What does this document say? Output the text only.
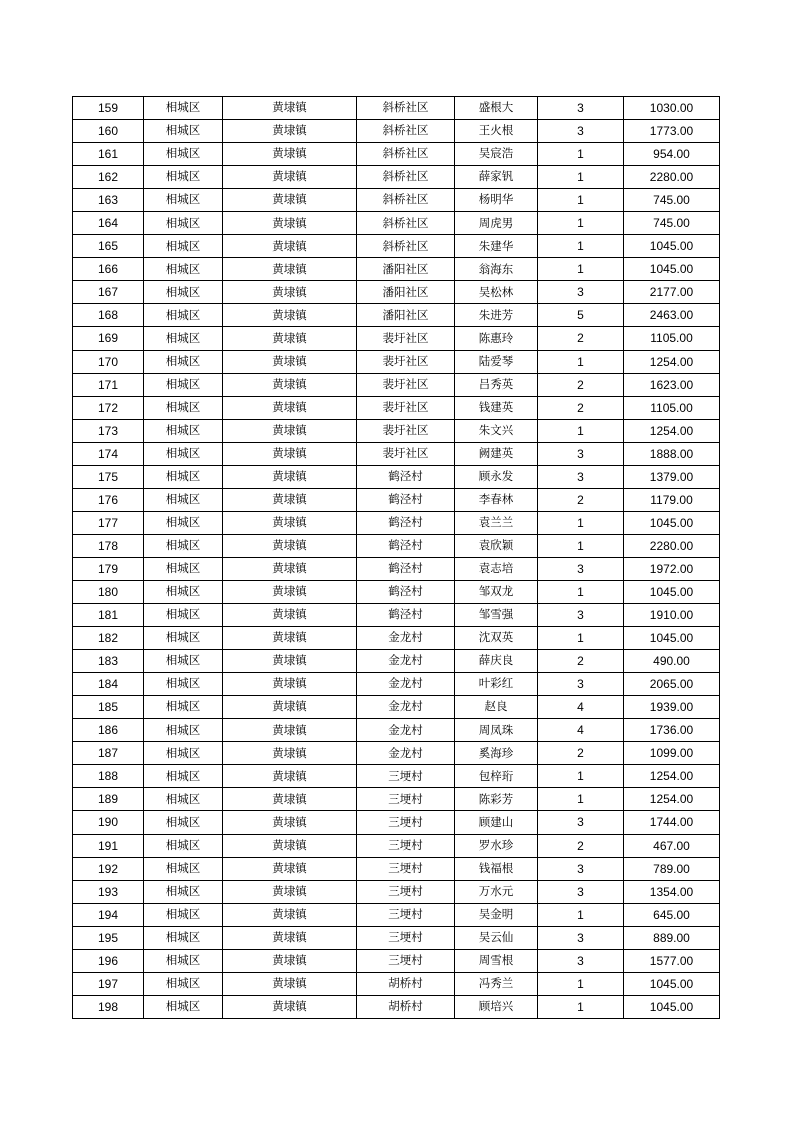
159	相城区	黄埭镇	斜桥社区	盛根大	3	1030.00
160	相城区	黄埭镇	斜桥社区	王火根	3	1773.00
161	相城区	黄埭镇	斜桥社区	吴宸浩	1	954.00
162	相城区	黄埭镇	斜桥社区	薛家钒	1	2280.00
163	相城区	黄埭镇	斜桥社区	杨明华	1	745.00
164	相城区	黄埭镇	斜桥社区	周虎男	1	745.00
165	相城区	黄埭镇	斜桥社区	朱建华	1	1045.00
166	相城区	黄埭镇	潘阳社区	翁海东	1	1045.00
167	相城区	黄埭镇	潘阳社区	吴松林	3	2177.00
168	相城区	黄埭镇	潘阳社区	朱进芳	5	2463.00
169	相城区	黄埭镇	裴圩社区	陈惠玲	2	1105.00
170	相城区	黄埭镇	裴圩社区	陆爱琴	1	1254.00
171	相城区	黄埭镇	裴圩社区	吕秀英	2	1623.00
172	相城区	黄埭镇	裴圩社区	钱建英	2	1105.00
173	相城区	黄埭镇	裴圩社区	朱文兴	1	1254.00
174	相城区	黄埭镇	裴圩社区	阙建英	3	1888.00
175	相城区	黄埭镇	鹤泾村	顾永发	3	1379.00
176	相城区	黄埭镇	鹤泾村	李春林	2	1179.00
177	相城区	黄埭镇	鹤泾村	袁兰兰	1	1045.00
178	相城区	黄埭镇	鹤泾村	袁欣颖	1	2280.00
179	相城区	黄埭镇	鹤泾村	袁志培	3	1972.00
180	相城区	黄埭镇	鹤泾村	邹双龙	1	1045.00
181	相城区	黄埭镇	鹤泾村	邹雪强	3	1910.00
182	相城区	黄埭镇	金龙村	沈双英	1	1045.00
183	相城区	黄埭镇	金龙村	薛庆良	2	490.00
184	相城区	黄埭镇	金龙村	叶彩红	3	2065.00
185	相城区	黄埭镇	金龙村	赵良	4	1939.00
186	相城区	黄埭镇	金龙村	周凤珠	4	1736.00
187	相城区	黄埭镇	金龙村	奚海珍	2	1099.00
188	相城区	黄埭镇	三埂村	包梓珩	1	1254.00
189	相城区	黄埭镇	三埂村	陈彩芳	1	1254.00
190	相城区	黄埭镇	三埂村	顾建山	3	1744.00
191	相城区	黄埭镇	三埂村	罗水珍	2	467.00
192	相城区	黄埭镇	三埂村	钱福根	3	789.00
193	相城区	黄埭镇	三埂村	万水元	3	1354.00
194	相城区	黄埭镇	三埂村	吴金明	1	645.00
195	相城区	黄埭镇	三埂村	吴云仙	3	889.00
196	相城区	黄埭镇	三埂村	周雪根	3	1577.00
197	相城区	黄埭镇	胡桥村	冯秀兰	1	1045.00
198	相城区	黄埭镇	胡桥村	顾培兴	1	1045.00
